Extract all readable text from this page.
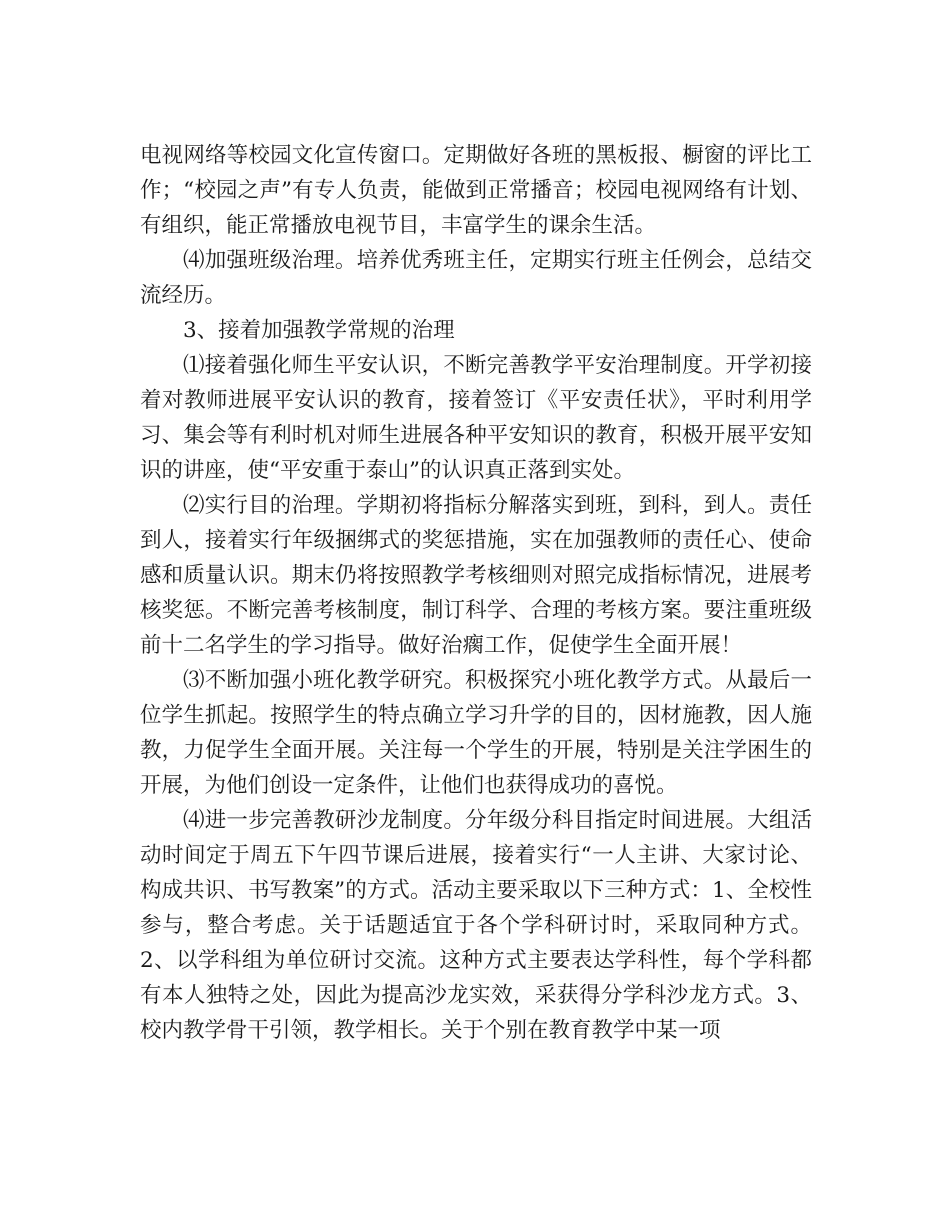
电视网络等校园文化宣传窗口。定期做好各班的黑板报、橱窗的评比工作；“校园之声”有专人负责，能做到正常播音；校园电视网络有计划、有组织，能正常播放电视节目，丰富学生的课余生活。

⑷加强班级治理。培养优秀班主任，定期实行班主任例会，总结交流经历。

3、接着加强教学常规的治理

⑴接着强化师生平安认识，不断完善教学平安治理制度。开学初接着对教师进展平安认识的教育，接着签订《平安责任状》，平时利用学习、集会等有利时机对师生进展各种平安知识的教育，积极开展平安知识的讲座，使“平安重于泰山”的认识真正落到实处。

⑵实行目的治理。学期初将指标分解落实到班，到科，到人。责任到人，接着实行年级捆绑式的奖惩措施，实在加强教师的责任心、使命感和质量认识。期末仍将按照教学考核细则对照完成指标情况，进展考核奖惩。不断完善考核制度，制订科学、合理的考核方案。要注重班级前十二名学生的学习指导。做好治瘸工作，促使学生全面开展！

⑶不断加强小班化教学研究。积极探究小班化教学方式。从最后一位学生抓起。按照学生的特点确立学习升学的目的，因材施教，因人施教，力促学生全面开展。关注每一个学生的开展，特别是关注学困生的开展，为他们创设一定条件，让他们也获得成功的喜悦。

⑷进一步完善教研沙龙制度。分年级分科目指定时间进展。大组活动时间定于周五下午四节课后进展，接着实行“一人主讲、大家讨论、构成共识、书写教案”的方式。活动主要采取以下三种方式：1、全校性参与，整合考虑。关于话题适宜于各个学科研讨时，采取同种方式。2、以学科组为单位研讨交流。这种方式主要表达学科性，每个学科都有本人独特之处，因此为提高沙龙实效，采获得分学科沙龙方式。3、校内教学骨干引领，教学相长。关于个别在教育教学中某一项
